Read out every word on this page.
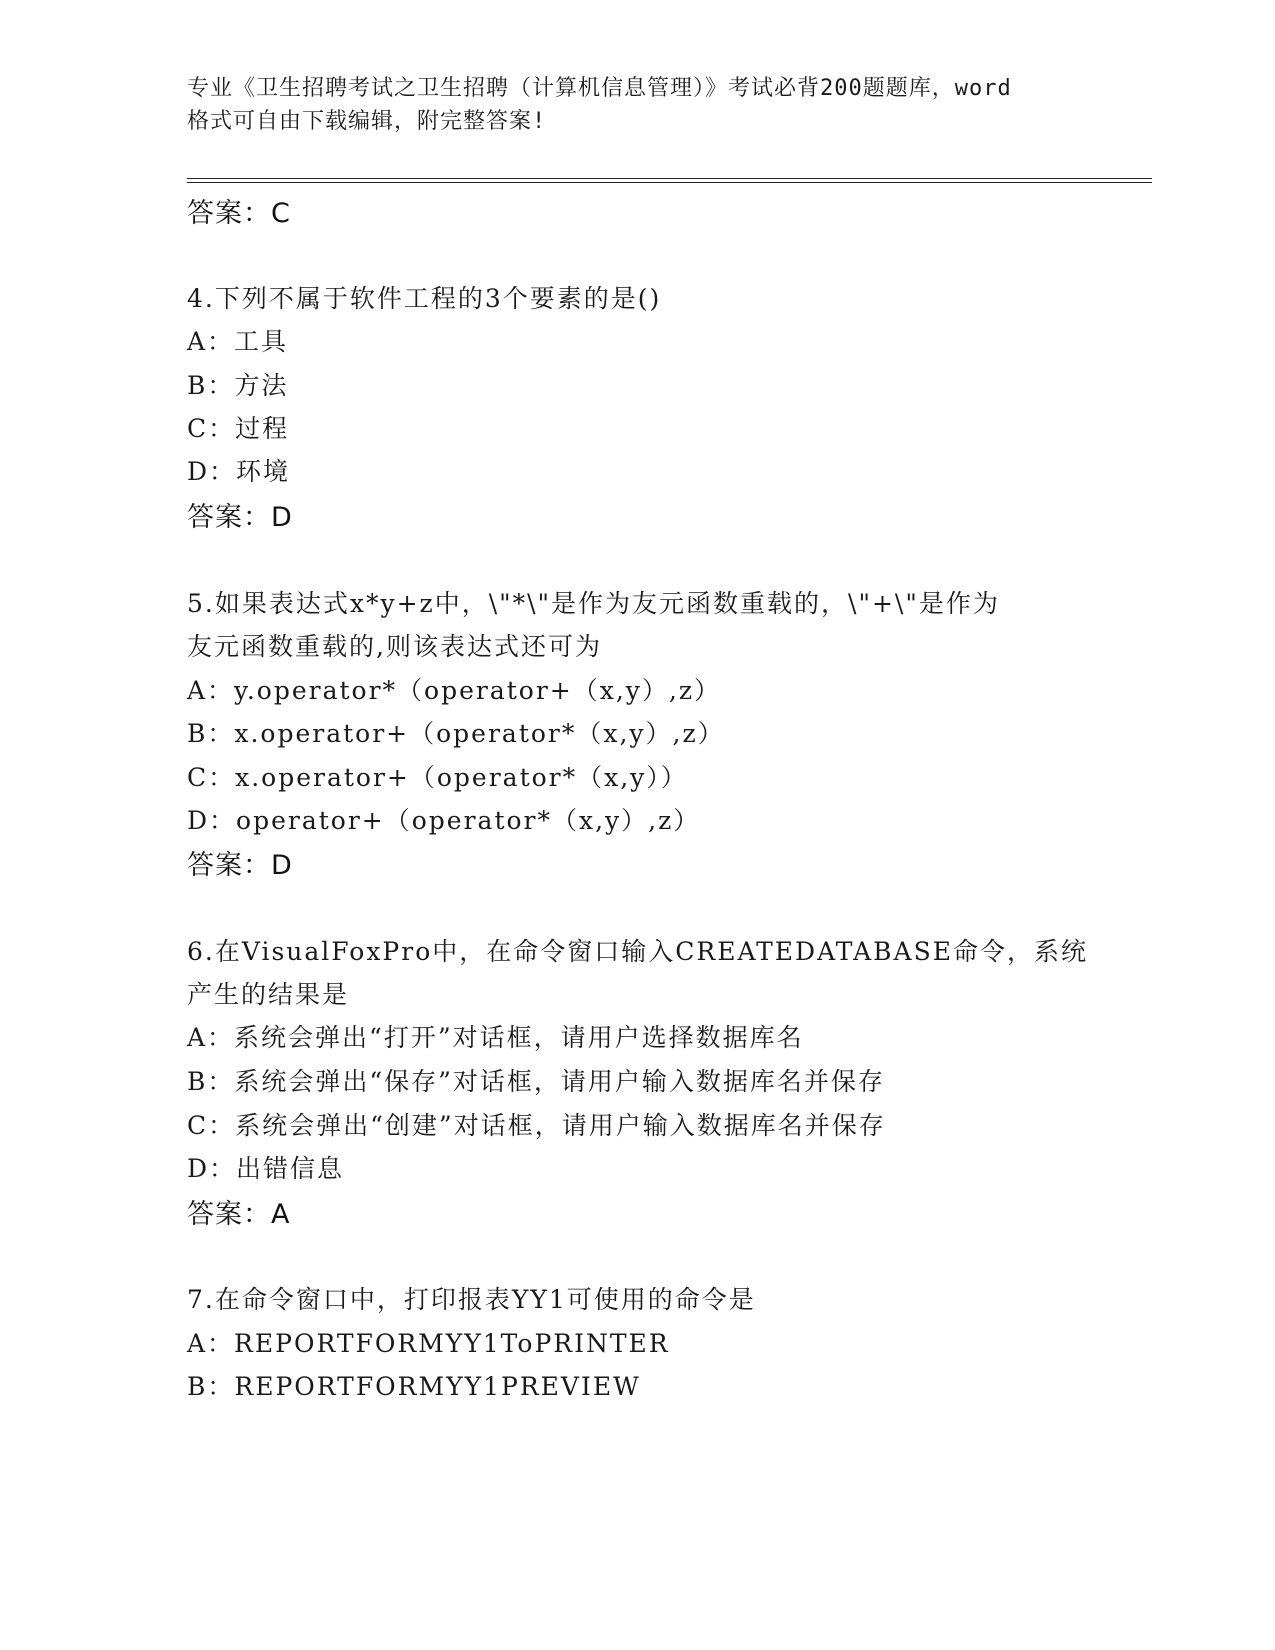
专业《卫生招聘考试之卫生招聘（计算机信息管理）》考试必背200题题库，word
格式可自由下载编辑，附完整答案!
答案：C
4.下列不属于软件工程的3个要素的是()
A：工具
B：方法
C：过程
D：环境
答案：D
5.如果表达式x*y+z中，\"*\"是作为友元函数重载的，\"+\"是作为
友元函数重载的,则该表达式还可为
A：y.operator*（operator+（x,y）,z）
B：x.operator+（operator*（x,y）,z）
C：x.operator+（operator*（x,y））
D：operator+（operator*（x,y）,z）
答案：D
6.在VisualFoxPro中，在命令窗口输入CREATEDATABASE命令，系统
产生的结果是
A：系统会弹出“打开”对话框，请用户选择数据库名
B：系统会弹出“保存”对话框，请用户输入数据库名并保存
C：系统会弹出“创建”对话框，请用户输入数据库名并保存
D：出错信息
答案：A
7.在命令窗口中，打印报表YY1可使用的命令是
A：REPORTFORMYY1ToPRINTER
B：REPORTFORMYY1PREVIEW
